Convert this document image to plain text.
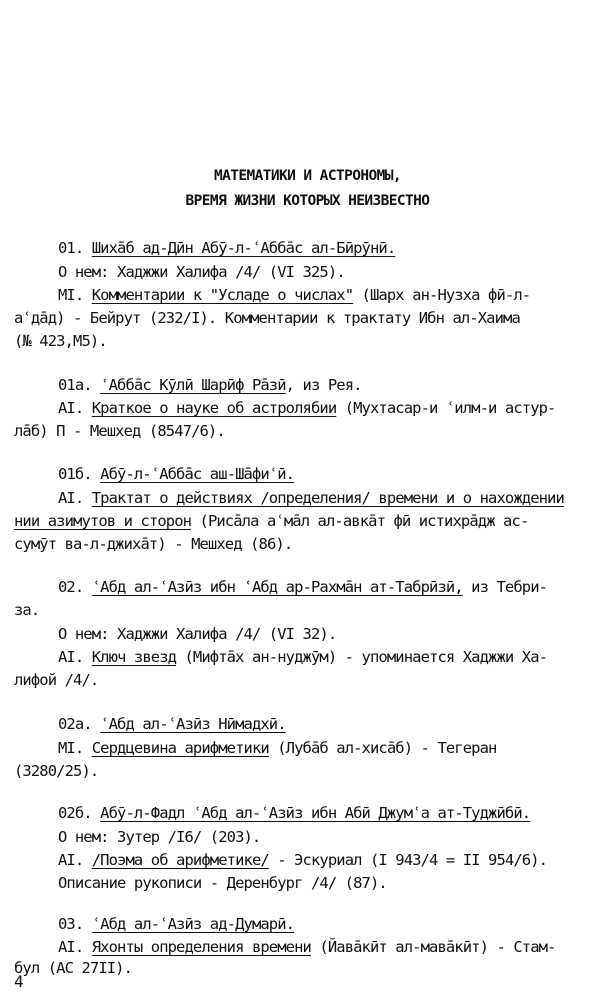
МАТЕМАТИКИ И АСТРОНОМЫ,
ВРЕМЯ ЖИЗНИ КОТОРЫХ НЕИЗВЕСТНО
01. Шихāб ад-Дӣн Абӯ-л-ʿАббāс ал-Бӣрӯнӣ.
О нем: Хаджжи Халифа /4/ (VI 325).
MI. Комментарии к "Усладе о числах" (Шарх ан-Нузха фӣ-л-
аʿдāд) - Бейрут (232/I). Комментарии к трактату Ибн ал-Хаима
(№ 423,М5).
01а. ʿАббāс Кӯлӣ Шарӣф Рāзӣ, из Рея.
AI. Краткое о науке об астролябии (Мухтасар-и ʿилм-и астур-
лāб) П - Мешхед (8547/6).
01б. Абӯ-л-ʿАббāс аш-Шāфиʿӣ.
AI. Трактат о действиях /определения/ времени и о нахождении
нии азимутов и сторон (Рисāла аʿмāл ал-авкāт фӣ истихрāдж ас-
сумӯт ва-л-джихāт) - Мешхед (86).
02. ʿАбд ал-ʿАзӣз ибн ʿАбд ар-Рахмāн ат-Табрӣзӣ, из Тебри-
за.
О нем: Хаджжи Халифа /4/ (VI 32).
AI. Ключ звезд (Мифтāх ан-нуджӯм) - упоминается Хаджжи Ха-
лифой /4/.
02а. ʿАбд ал-ʿАзӣз Нӣмадхӣ.
MI. Сердцевина арифметики (Лубāб ал-хисāб) - Тегеран
(3280/25).
02б. Абӯ-л-Фадл ʿАбд ал-ʿАзӣз ибн Абӣ Джумʿа ат-Туджӣбӣ.
О нем: Зутер /I6/ (203).
AI. /Поэма об арифметике/ - Эскуриал (I 943/4 = II 954/6).
Описание рукописи - Деренбург /4/ (87).
03. ʿАбд ал-ʿАзӣз ад-Думарӣ.
AI. Яхонты определения времени (Йавāкӣт ал-мавāкӣт) - Стам-
бул (АС 27II).
4
